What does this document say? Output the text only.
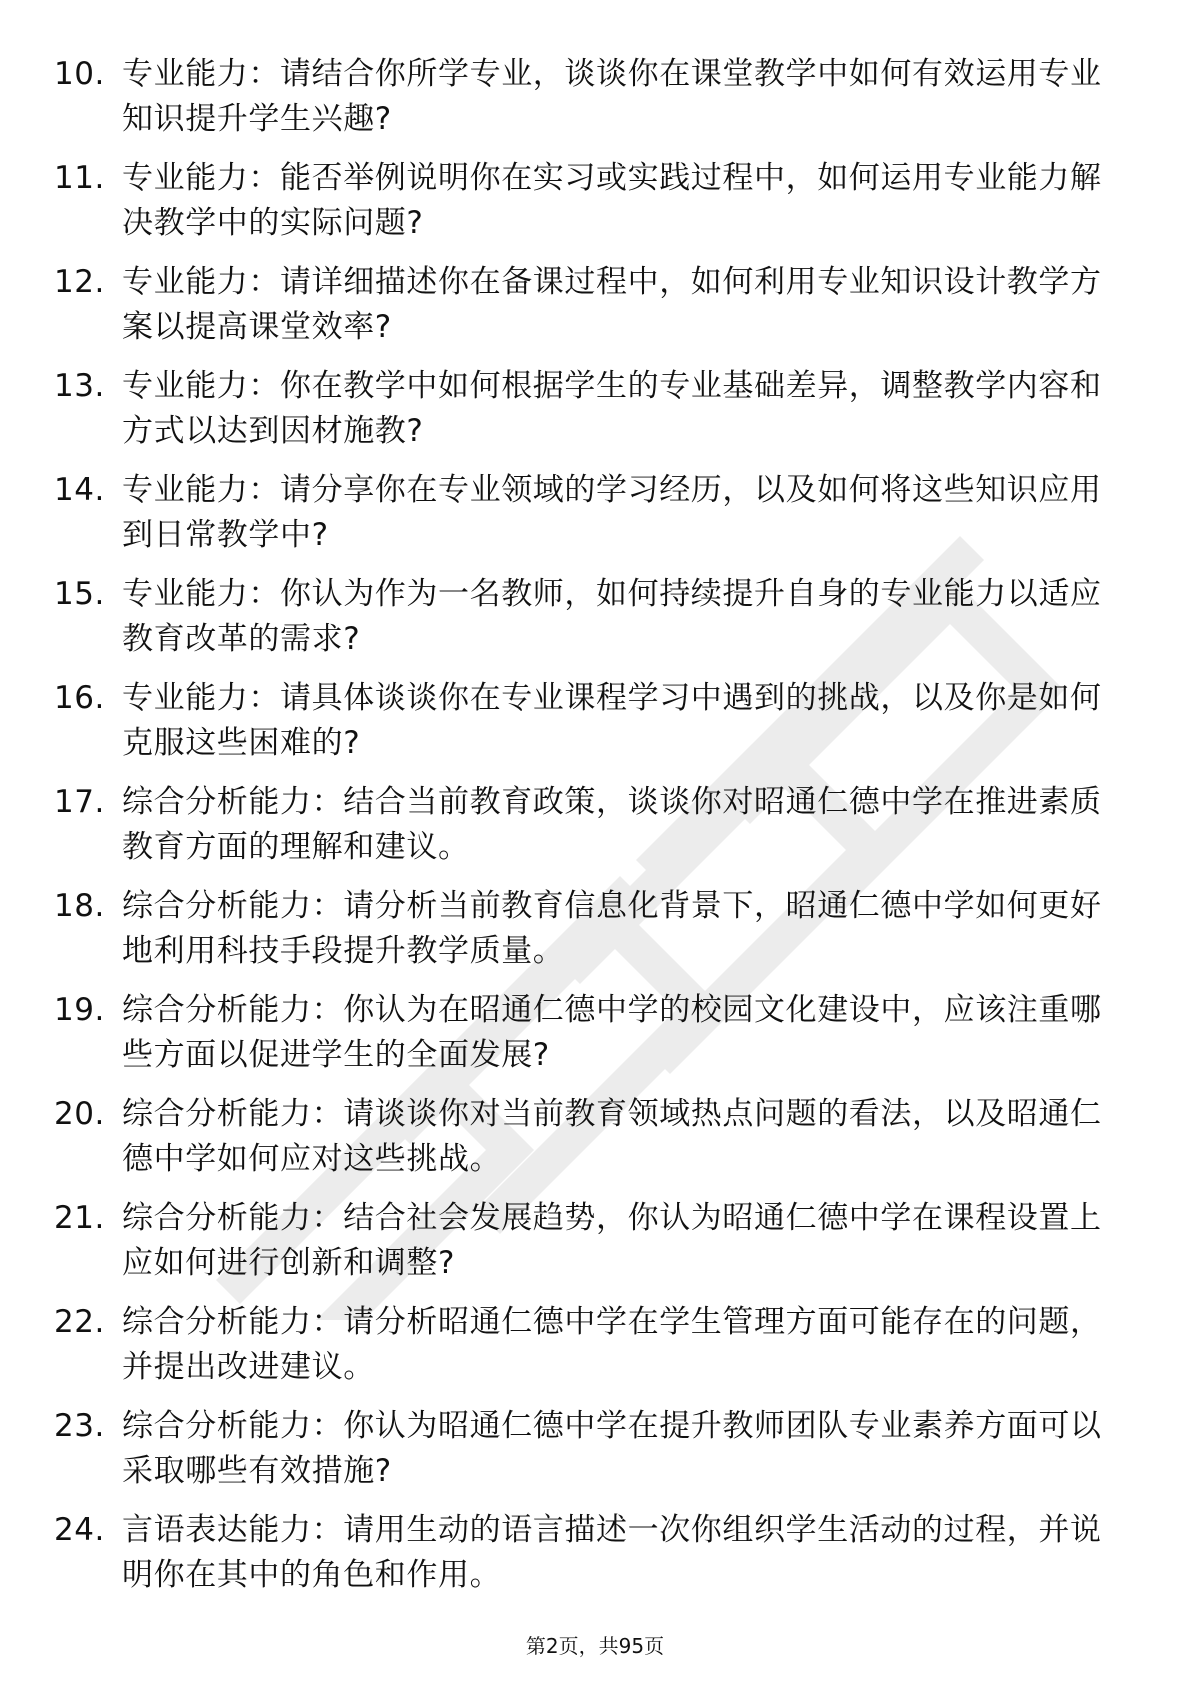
10. 专业能力：请结合你所学专业，谈谈你在课堂教学中如何有效运用专业知识提升学生兴趣?
11. 专业能力：能否举例说明你在实习或实践过程中，如何运用专业能力解决教学中的实际问题?
12. 专业能力：请详细描述你在备课过程中，如何利用专业知识设计教学方案以提高课堂效率?
13. 专业能力：你在教学中如何根据学生的专业基础差异，调整教学内容和方式以达到因材施教?
14. 专业能力：请分享你在专业领域的学习经历，以及如何将这些知识应用到日常教学中?
15. 专业能力：你认为作为一名教师，如何持续提升自身的专业能力以适应教育改革的需求?
16. 专业能力：请具体谈谈你在专业课程学习中遇到的挑战，以及你是如何克服这些困难的?
17. 综合分析能力：结合当前教育政策，谈谈你对昭通仁德中学在推进素质教育方面的理解和建议。
18. 综合分析能力：请分析当前教育信息化背景下，昭通仁德中学如何更好地利用科技手段提升教学质量。
19. 综合分析能力：你认为在昭通仁德中学的校园文化建设中，应该注重哪些方面以促进学生的全面发展?
20. 综合分析能力：请谈谈你对当前教育领域热点问题的看法，以及昭通仁德中学如何应对这些挑战。
21. 综合分析能力：结合社会发展趋势，你认为昭通仁德中学在课程设置上应如何进行创新和调整?
22. 综合分析能力：请分析昭通仁德中学在学生管理方面可能存在的问题，并提出改进建议。
23. 综合分析能力：你认为昭通仁德中学在提升教师团队专业素养方面可以采取哪些有效措施?
24. 言语表达能力：请用生动的语言描述一次你组织学生活动的过程，并说明你在其中的角色和作用。
第2页，共95页
